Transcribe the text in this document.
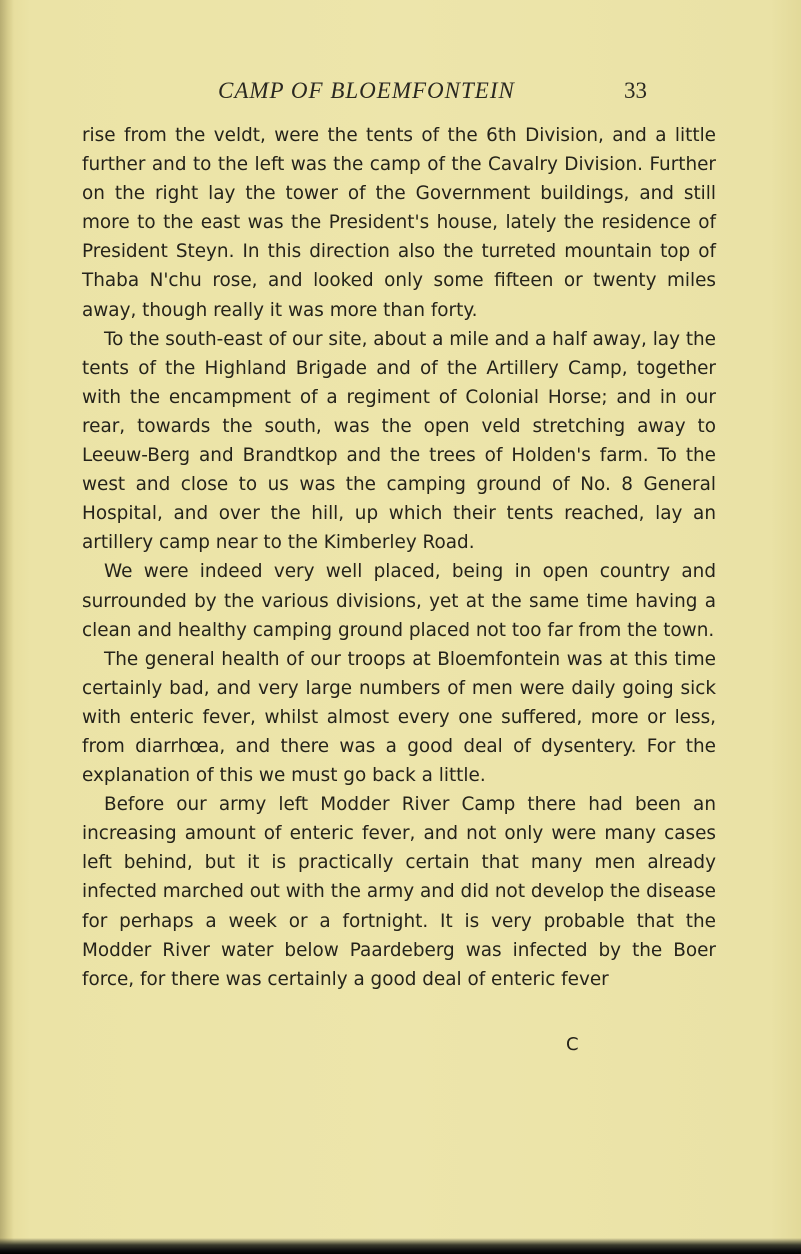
CAMP OF BLOEMFONTEIN	33

rise from the veldt, were the tents of the 6th Division, and a little further and to the left was the camp of the Cavalry Division. Further on the right lay the tower of the Government buildings, and still more to the east was the President's house, lately the residence of President Steyn. In this direction also the turreted mountain top of Thaba N'chu rose, and looked only some fifteen or twenty miles away, though really it was more than forty.

To the south-east of our site, about a mile and a half away, lay the tents of the Highland Brigade and of the Artillery Camp, together with the encampment of a regiment of Colonial Horse; and in our rear, towards the south, was the open veld stretching away to Leeuw-Berg and Brandtkop and the trees of Holden's farm. To the west and close to us was the camping ground of No. 8 General Hospital, and over the hill, up which their tents reached, lay an artillery camp near to the Kimberley Road.

We were indeed very well placed, being in open country and surrounded by the various divisions, yet at the same time having a clean and healthy camping ground placed not too far from the town.

The general health of our troops at Bloemfontein was at this time certainly bad, and very large numbers of men were daily going sick with enteric fever, whilst almost every one suffered, more or less, from diarrhœa, and there was a good deal of dysentery. For the explanation of this we must go back a little.

Before our army left Modder River Camp there had been an increasing amount of enteric fever, and not only were many cases left behind, but it is practically certain that many men already infected marched out with the army and did not develop the disease for perhaps a week or a fortnight. It is very probable that the Modder River water below Paardeberg was infected by the Boer force, for there was certainly a good deal of enteric fever

C
